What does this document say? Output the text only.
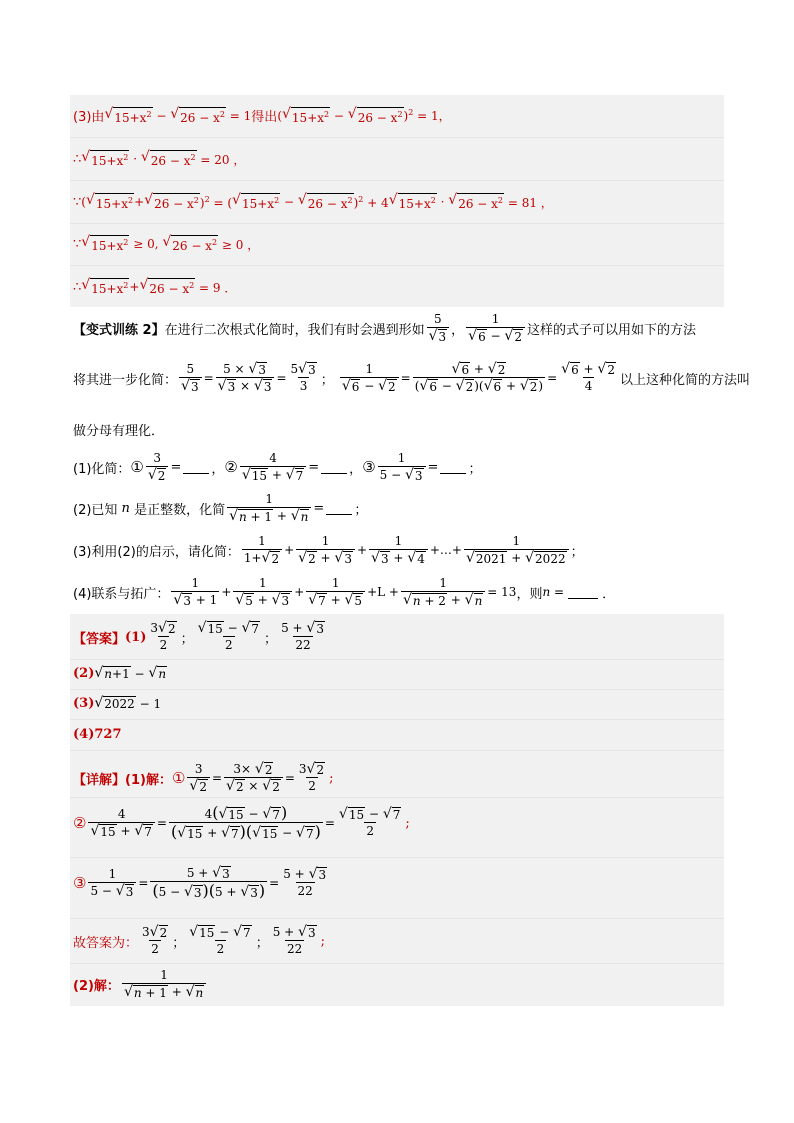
(3)由 √ $15+x^2$ − √ $26 - x^2 = 1$ 得出 ( √ $15+x^2$ − √ $26 - x^2$ )$^2$ = 1，
∴ √ $15+x^2$ · √ $26 - x^2 = 20$ ，
∵ ( √ $15+x^2$ + √ $26 - x^2$ )$^2$ = ( √ $15+x^2$ − √ $26 - x^2$ )$^2$ + 4 √ $15+x^2$ · √ $26 - x^2 = 81$ ，
∵ √ $15+x^2 \ge 0$, √ $26 - x^2 \ge 0$ ，
∴ √ $15+x^2$ + √ $26 - x^2 = 9$ ．
【变式训练 2】 在进行二次根式化简时，我们有时会遇到形如
5
√ 3 ，
1
√ 6 − √ 2 这样的式子可以用如下的方法
将其进一步化简： $\frac{5}{√ 3} = \frac{5 \times √ 3}{√ 3 \times √ 3} = \frac{5 √ 3}{3}$ ； $\frac{1}{√ 6 - √ 2} = \frac{√ 6 + √ 2}{( √ 6 - √ 2 )( √ 6 + √ 2 )} = \frac{√ 6 + √ 2}{4}$ 以上这种化简的方法叫
做分母有理化．
(1)化简： ① $\frac{3}{√ 2}$ = ， ② $\frac{4}{√ 15 + √ 7}$ = ， ③ $\frac{1}{5 - √ 3}$ = ；
(2)已知 n 是正整数，化简 $\frac{1}{√ n + 1 + √ n}$ = ；
(3)利用(2)的启示，请化简：
1
1+ √ 2
+ $\frac{1}{√ 2 + √ 3} + \frac{1}{√ 3 + √ 4}$ +…+ $\frac{1}{√ 2021 + √ 2022}$ ；
(4)联系与拓广：
1
√ 3 + 1
+ $\frac{1}{√ 5 + √ 3} + \frac{1}{√ 7 + √ 5} +L + \frac{1}{√ n + 2 + √ n} = 13$ ，则 n =	．
【答案】 (1)
3 √ 2
2 ；
√ 15 − √ 7
2 ；
5 + √ 3
22
(2) √ n+1 − √ n
(3) √ 2022 − 1
(4)727
【详解】 (1)解： ① $\frac{3}{√ 2} = \frac{3\times √ 2}{√ 2 \times √ 2} = \frac{3 √ 2}{2}$ ;
② $\frac{4}{√ 15 + √ 7} = \frac{4( √ 15 - √ 7 )}{( √ 15 + √ 7 )( √ 15 - √ 7 )} = \frac{√ 15 - √ 7}{2}$ ;
③ $\frac{1}{5 - √ 3} = \frac{5 + √ 3}{(5 - √ 3 )(5 + √ 3 )} = \frac{5 + √ 3}{22}$
故答案为：
3 √ 2
2 ；
√ 15 − √ 7
2 ；
5 + √ 3
22
;
(2)解：
1
√ n + 1 + √ n
